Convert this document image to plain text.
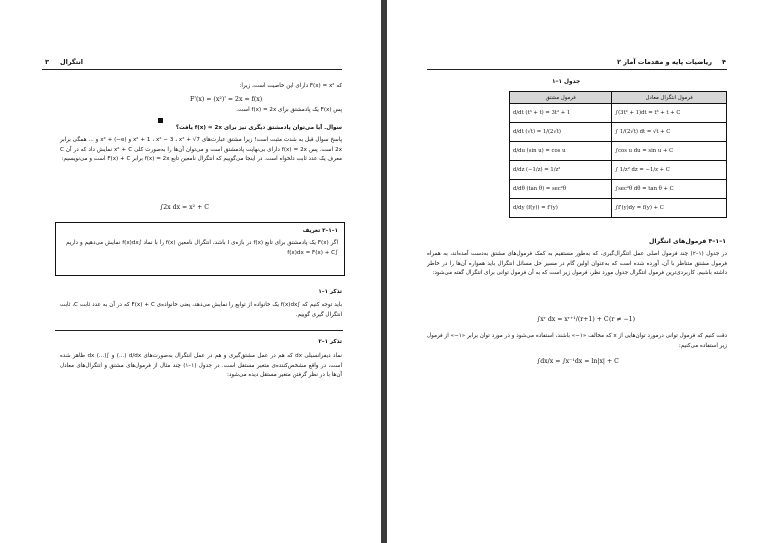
۳ انتگرال
که F(x) = x² دارای این خاصیت است، زیرا:
F'(x) = (x²)' = 2x = f(x)
پس F(x) یک پادمشتق برای f(x) = 2x است.
سوال. آیا می‌توان پادمشتق دیگری نیز برای f(x) = 2x یافت؟
پاسخ سوال قبل به شدت مثبت است! زیرا مشتق عبارت‌های x² + 1 ، x² − 3 ، x² + √7 و x² + (−e) و ... همگی برابر 2x است. پس f(x) = 2x دارای بی‌نهایت پادمشتق است و می‌توان آن‌ها را به‌صورت کلی x² + C نمایش داد که در آن C معرف یک عدد ثابت دلخواه است. در اینجا می‌گوییم که انتگرال نامعین تابع f(x) = 2x برابر F(x) + C است و می‌نویسیم:
∫2x dx = x² + C
۱–۱–۳ تعریف
اگر F(x) یک پادمشتق برای تابع f(x) در بازه‌ی I باشد، انتگرال نامعین f(x) را با نماد ∫f(x)dx نمایش می‌دهیم و داریم ∫f(x)dx = F(x) + C
تذکر ۱–۱
باید توجه کنیم که ∫f(x)dx یک خانواده از توابع را نمایش می‌دهد، یعنی خانواده‌ی F(x) + C که در آن به عدد ثابت C، ثابت انتگرال گیری گوییم.
تذکر ۱–۲
نماد دیفرانسیلی dx که هم در عمل مشتق‌گیری و هم در عمل انتگرال به‌صورت‌های d/dx (...) و ∫(...) dx ظاهر شده است، در واقع مشخص‌کننده‌ی متغیر مستقل است. در جدول (۱–۱) چند مثال از فرمول‌های مشتق و انتگرال‌های معادل آن‌ها با در نظر گرفتن متغیر مستقل دیده می‌شود:
۴
ریاضیات پایه و مقدمات آمار ۲
جدول ۱–۱
فرمول مشتق	فرمول انتگرال معادل
d/dt (t³ + t) = 3t² + 1	∫(3t² + 1)dt = t³ + t + C
d/dt (√t) = 1/(2√t)	∫ 1/(2√t) dt = √t + C
d/du (sin u) = cos u	∫cos u du = sin u + C
d/dz (−1/z) = 1/z²	∫ 1/z² dz = −1/z + C
d/dθ (tan θ) = sec²θ	∫sec²θ dθ = tan θ + C
d/dy (f(y)) = f'(y)	∫f'(y)dy = f(y) + C
۱–۱–۴ فرمول‌های انتگرال
در جدول (۱–۲) چند فرمول اصلی عمل انتگرال‌گیری، که به‌طور مستقیم به کمک فرمول‌های مشتق به‌دست آمده‌اند، به همراه فرمول مشتق متناظر با آن، آورده شده است که به‌عنوان اولین گام در مسیر حل مسائل انتگرال باید همواره آن‌ها را در خاطر داشته باشیم. کاربردی‌ترین فرمول انتگرال جدول مورد نظر، فرمول زیر است که به آن فرمول توانی برای انتگرال گفته می‌شود:
∫xʳ dx = xʳ⁺¹/(r+1) + C (r ≠ −1)
دقت کنیم که فرمول توانی درمورد توان‌هایی از x که مخالف «۱−» باشند، استفاده می‌شود و در مورد توان برابر «۱−» از فرمول زیر استفاده می‌کنیم:
∫dx/x = ∫x⁻¹dx = ln|x| + C
